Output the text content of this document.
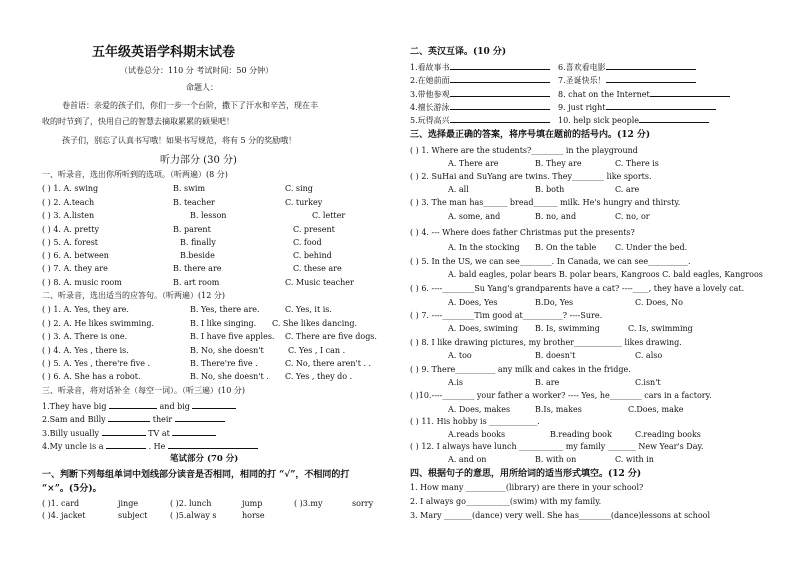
五年级英语学科期末试卷
（试卷总分：110 分 考试时间：50 分钟）
命题人：
卷首语：亲爱的孩子们，你们一步一个台阶，撒下了汗水和辛苦，现在丰
收的时节到了，快用自己的智慧去摘取累累的硕果吧！
孩子们，别忘了认真书写哦！如果书写规范，将有 5 分的奖励哦！
听力部分 (30 分)
一、听录音，选出你所听到的选项。（听两遍）(8 分)
( ) 1. A. swing	B. swim	C. sing
( ) 2. A.teach	B. teacher	C. turkey
( ) 3. A.listen	B. lesson	C. letter
( ) 4. A. pretty	B. parent	C. present
( ) 5. A. forest	B. finally	C. food
( ) 6. A. between	B.beside	C. behind
( ) 7. A. they are	B. there are	C. these are
( ) 8. A. music room	B. art room	C. Music teacher
二、听录音，选出适当的应答句。（听两遍）(12 分)
( ) 1. A. Yes, they are.	B. Yes, there are.	C. Yes, it is.
( ) 2. A. He likes swimming.	B. I like singing. C. She likes dancing.
( ) 3. A. There is one.	B. I have five apples. C. There are five dogs.
( ) 4. A. Yes , there is.	B. No, she doesn't	C. Yes , I can .
( ) 5. A. Yes , there're five .	B. There're five .	C. No, there aren't . .
( ) 6. A. She has a robot.	B. No, she doesn't . C. Yes , they do .
三、听录音，将对话补全（每空一词）。（听三遍）(10 分)
1.They have big	and big
2.Sam and Billy	their
3.Billy usually	TV at
4.My uncle is a	. He
笔试部分 (70 分)
一、判断下列每组单词中划线部分读音是否相同，相同的打 “√”，不相同的打
“×”。(5分)。
( )1. card	jinge	( )2. lunch	jump	( )3.my	sorry
( )4. jacket	subject	( )5.alway s	horse
二、英汉互译。(10 分)
1.看故事书	6.喜欢看电影
2.在她前面	7.圣诞快乐！
3.带他参观	8. chat on the Internet
4.擅长游泳	9. just right
5.玩得高兴	10. help sick people
三、选择最正确的答案，将序号填在题前的括号内。(12 分)
( ) 1. Where are the students?________ in the playground
A. There are	B. They are	C. There is
( ) 2. SuHai and SuYang are twins. They________ like sports.
A. all	B. both	C. are
( ) 3. The man has______ bread______ milk. He's hungry and thirsty.
A. some, and	B. no, and	C. no, or
( ) 4. --- Where does father Christmas put the presents?
A. In the stocking B. On the table C. Under the bed.
( ) 5. In the US, we can see________. In Canada, we can see__________.
A. bald eagles, polar bears B. polar bears, Kangroos C. bald eagles, Kangroos
( ) 6. ----________Su Yang's grandparents have a cat? ----____, they have a lovely cat.
A. Does, Yes	B.Do, Yes	C. Does, No
( ) 7. ----________Tim good at__________? ----Sure.
A. Does, swiming B. Is, swimming	C. Is, swimming
( ) 8. I like drawing pictures, my brother____________ likes drawing.
A. too	B. doesn't	C. also
( ) 9. There__________ any milk and cakes in the fridge.
A.is	B. are	C.isn't
( )10.----________ your father a worker? ---- Yes, he________ cars in a factory.
A. Does, makes	B.Is, makes	C.Does, make
( ) 11. His hobby is ____________.
A.reads books	B.reading book	C.reading books
( ) 12. I always have lunch ___________ my family _______ New Year's Day.
A. and on	B. with on	C. with in
四、根据句子的意思，用所给词的适当形式填空。(12 分)
1. How many __________(library) are there in your school?
2. I always go___________(swim) with my family.
3. Mary _______(dance) very well. She has________(dance)lessons at school
